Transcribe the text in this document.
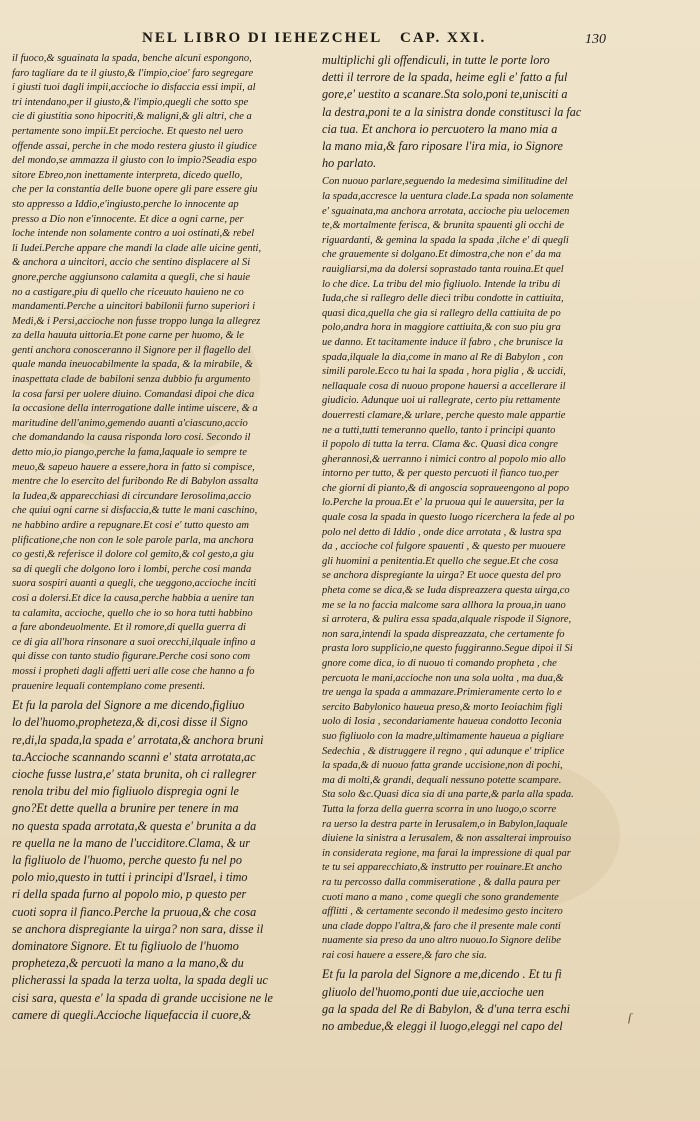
NEL LIBRO DI IEHEZCHEL CAP. XXI.	130
il fuoco,& sguainata la spada, benche alcuni espongono,
faro tagliare da te il giusto,& l'impio,cioe' faro segregare
i giusti tuoi dagli impii,accioche io disfaccia essi impii, al
tri intendano,per il giusto,& l'impio,quegli che sotto spe
cie di giustitia sono hipocriti,& maligni,& gli altri, che a
pertamente sono impii.Et percioche. Et questo nel uero
offende assai, perche in che modo restera giusto il giudice
del mondo,se ammazza il giusto con lo impio?Seadia espo
sitore Ebreo,non inettamente interpreta, dicedo quello,
che per la constantia delle buone opere gli pare essere giu
sto appresso a Iddio,e'ingiusto,perche lo innocente ap
presso a Dio non e'innocente. Et dice a ogni carne, per
loche intende non solamente contro a uoi ostinati,& rebel
li Iudei.Perche appare che mandi la clade alle uicine genti,
& anchora a uincitori, accio che sentino displacere al Si
gnore,perche aggiunsono calamita a quegli, che si hauie
no a castigare,piu di quello che riceuuto hauieno ne co
mandamenti.Perche a uincitori babilonii furno superiori i
Medi,& i Persi,accioche non fusse troppo lunga la allegrez
za della hauuta uittoria.Et pone carne per huomo, & le
genti anchora conosceranno il Signore per il flagello del
quale manda ineuocabilmente la spada, & la mirabile, &
inaspettata clade de babiloni senza dubbio fu argumento
la cosa farsi per uolere diuino. Comandasi dipoi che dica
la occasione della interrogatione dalle intime uiscere, & a
maritudine dell'animo,gemendo auanti a'ciascuno,accio
che domandando la causa risponda loro cosi. Secondo il
detto mio,io piango,perche la fama,laquale io sempre te
meuo,& sapeuo hauere a essere,hora in fatto si compisce,
mentre che lo esercito del furibondo Re di Babylon assalta
la Iudea,& apparecchiasi di circundare Ierosolima,accio
che quiui ogni carne si disfaccia,& tutte le mani caschino,
ne habbino ardire a repugnare.Et cosi e' tutto questo am
plificatione,che non con le sole parole parla, ma anchora
co gesti,& referisce il dolore col gemito,& col gesto,a giu
sa di quegli che dolgono loro i lombi, perche cosi manda
suora sospiri auanti a quegli, che ueggono,accioche inciti
cosi a dolersi.Et dice la causa,perche habbia a uenire tan
ta calamita, accioche, quello che io so hora tutti habbino
a fare abondeuolmente. Et il romore,di quella guerra di
ce di gia all'hora rinsonare a suoi orecchi,ilquale infino a
qui disse con tanto studio figurare.Perche cosi sono com
mossi i propheti dagli affetti ueri alle cose che hanno a fo
prauenire lequali contemplano come presenti.
Et fu la parola del Signore a me dicendo,figliuo
lo del'huomo,propheteza,& di,cosi disse il Signo
re,di,la spada,la spada e' arrotata,& anchora bruni
ta.Accioche scannando scanni e' stata arrotata,ac
cioche fusse lustra,e' stata brunita, oh ci rallegrer
renola tribu del mio figliuolo dispregia ogni le
gno?Et dette quella a brunire per tenere in ma
no questa spada arrotata,& questa e' brunita a da
re quella ne la mano de l'ucciditore.Clama, & ur
la figliuolo de l'huomo, perche questo fu nel po
polo mio,questo in tutti i principi d'Israel, i timo
ri della spada furno al popolo mio, p questo per
cuoti sopra il fianco.Perche la pruoua,& che cosa
se anchora dispregiante la uirga? non sara, disse il
dominatore Signore. Et tu figliuolo de l'huomo
propheteza,& percuoti la mano a la mano,& du
plicherassi la spada la terza uolta, la spada degli uc
cisi sara, questa e' la spada di grande uccisione ne le
camere di quegli.Accioche liquefaccia il cuore,&
multiplichi gli offendiculi, in tutte le porte loro
detti il terrore de la spada, heime egli e' fatto a ful
gore,e' uestito a scanare.Sta solo,poni te,unisciti a
la destra,poni te a la sinistra donde constitusci la fac
cia tua. Et anchora io percuotero la mano mia a
la mano mia,& faro riposare l'ira mia, io Signore
ho parlato.
Con nuouo parlare,seguendo la medesima similitudine del
la spada,accresce la uentura clade.La spada non solamente
e' sguainata,ma anchora arrotata, accioche piu uelocemen
te,& mortalmente ferisca, & brunita spauenti gli occhi de
riguardanti, & gemina la spada la spada ,ilche e' di quegli
che grauemente si dolgano.Et dimostra,che non e' da ma
rauigliarsi,ma da dolersi soprastado tanta rouina.Et quel
lo che dice. La tribu del mio figliuolo. Intende la tribu di
Iuda,che si rallegro delle dieci tribu condotte in cattiuita,
quasi dica,quella che gia si rallegro della cattiuita de po
polo,andra hora in maggiore cattiuita,& con suo piu gra
ue danno. Et tacitamente induce il fabro , che brunisce la
spada,ilquale la dia,come in mano al Re di Babylon , con
simili parole.Ecco tu hai la spada , hora piglia , & uccidi,
nellaquale cosa di nuouo propone hauersi a accellerare il
giudicio. Adunque uoi ui rallegrate, certo piu rettamente
douerresti clamare,& urlare, perche questo male appartie
ne a tutti,tutti temeranno quello, tanto i principi quanto
il popolo di tutta la terra. Clama &c. Quasi dica congre
gherannosi,& uerranno i nimici contro al popolo mio allo
intorno per tutto, & per questo percuoti il fianco tuo,per
che giorni di pianto,& di angoscia sopraueengono al popo
lo.Perche la proua.Et e' la pruoua qui le auuersita, per la
quale cosa la spada in questo luogo ricerchera la fede al po
polo nel detto di Iddio , onde dice arrotata , & lustra spa
da , accioche col fulgore spauenti , & questo per muouere
gli huomini a penitentia.Et quello che segue.Et che cosa
se anchora dispregiante la uirga? Et uoce questa del pro
pheta come se dica,& se Iuda dispreazzera questa uirga,co
me se la no faccia malcome sara allhora la proua,in uano
si arrotera, & pulira essa spada,alquale rispode il Signore,
non sara,intendi la spada dispreazzata, che certamente fo
prasta loro supplicio,ne questo fuggiranno.Segue dipoi il Si
gnore come dica, io di nuouo ti comando propheta , che
percuota le mani,accioche non una sola uolta , ma dua,&
tre uenga la spada a ammazare.Primieramente certo lo e
sercito Babylonico haueua preso,& morto Ieoiachim figli
uolo di Iosia , secondariamente haueua condotto Ieconia
suo figliuolo con la madre,ultimamente haueua a pigliare
Sedechia , & distruggere il regno , qui adunque e' triplice
la spada,& di nuouo fatta grande uccisione,non di pochi,
ma di molti,& grandi, dequali nessuno potette scampare.
Sta solo &c.Quasi dica sia di una parte,& parla alla spada.
Tutta la forza della guerra scorra in uno luogo,o scorre
ra uerso la destra parte in Ierusalem,o in Babylon,laquale
diuiene la sinistra a Ierusalem, & non assalterai improuiso
in considerata regione, ma farai la impressione di qual par
te tu sei apparecchiato,& instrutto per rouinare.Et ancho
ra tu percosso dalla commiseratione , & dalla paura per
cuoti mano a mano , come quegli che sono grandemente
afflitti , & certamente secondo il medesimo gesto incitero
una clade doppo l'altra,& faro che il presente male conti
nuamente sia preso da uno altro nuouo.Io Signore delibe
rai cosi hauere a essere,& faro che sia.
Et fu la parola del Signore a me,dicendo . Et tu fi
gliuolo del'huomo,ponti due uie,accioche uen
ga la spada del Re di Babylon, & d'una terra eschi
no ambedue,& eleggi il luogo,eleggi nel capo del
ſ
